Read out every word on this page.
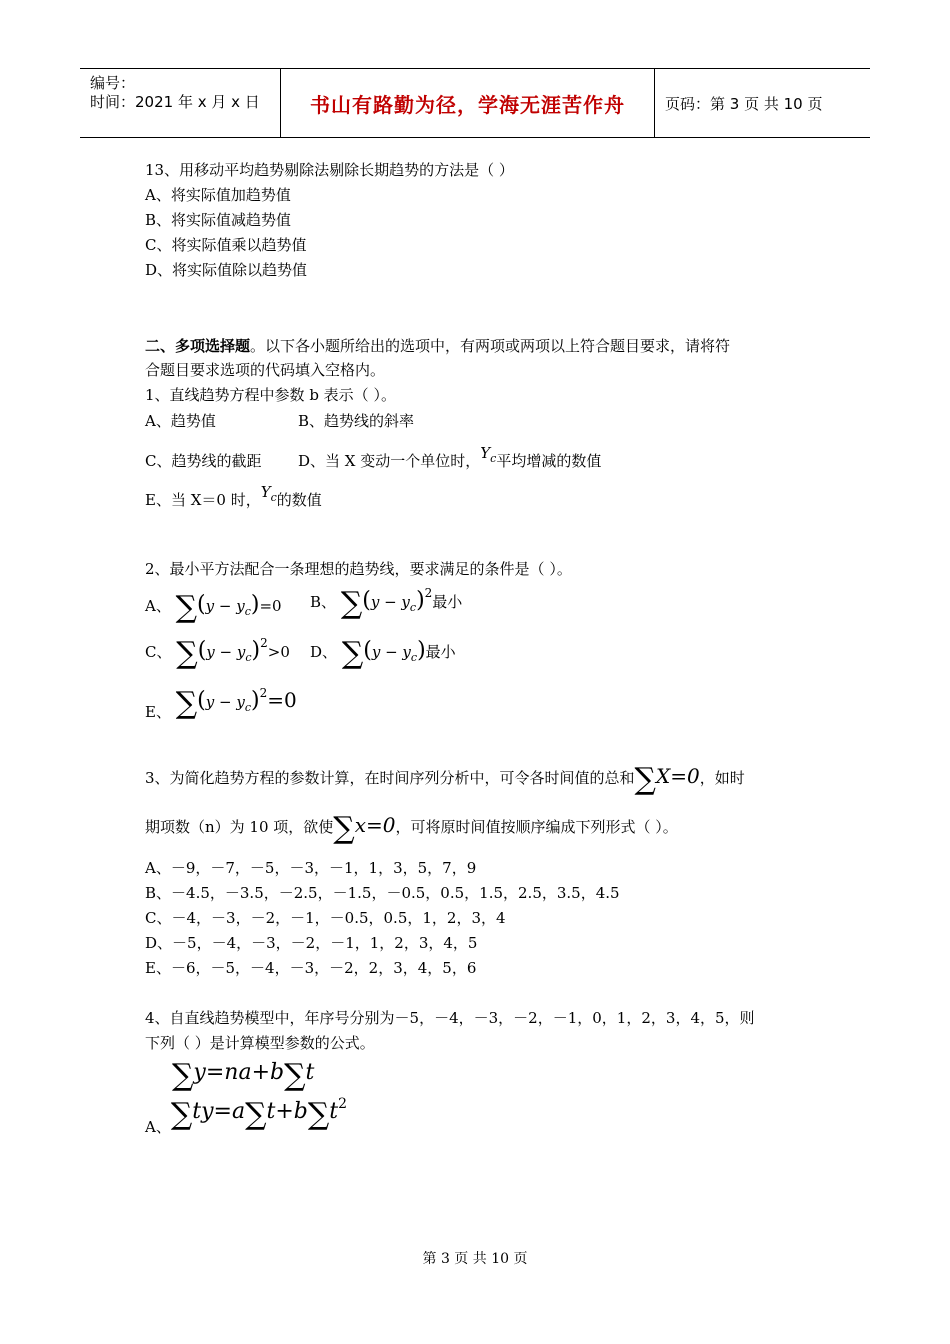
编号：
时间：2021 年 x 月 x 日	书山有路勤为径，学海无涯苦作舟	页码：第 3 页 共 10 页
13、用移动平均趋势剔除法剔除长期趋势的方法是（ ）
A、将实际值加趋势值
B、将实际值减趋势值
C、将实际值乘以趋势值
D、将实际值除以趋势值
二、多项选择题。以下各小题所给出的选项中，有两项或两项以上符合题目要求，请将符
合题目要求选项的代码填入空格内。
1、直线趋势方程中参数 b 表示（ ）。
A、趋势值	B、趋势线的斜率
C、趋势线的截距 D、当 X 变动一个单位时，$Y_c$平均增减的数值
E、当 X＝0 时，$Y_c$的数值
2、最小平方法配合一条理想的趋势线，要求满足的条件是（ ）。
A、 $\sum(y - y_c)=0$ B、 $\sum(y - y_c)^2$最小
C、 $\sum(y - y_c)^2>0$ D、 $\sum(y - y_c)$最小
E、 $\sum(y - y_c)^2=0$
3、为简化趋势方程的参数计算，在时间序列分析中，可令各时间值的总和∑X=0，如时
期项数（n）为 10 项，欲使∑x=0，可将原时间值按顺序编成下列形式（ ）。
A、－9，－7，－5，－3，－1，1，3，5，7，9
B、－4.5，－3.5，－2.5，－1.5，－0.5，0.5，1.5，2.5，3.5，4.5
C、－4，－3，－2，－1，－0.5，0.5，1，2，3，4
D、－5，－4，－3，－2，－1，1，2，3，4，5
E、－6，－5，－4，－3，－2，2，3，4，5，6
4、自直线趋势模型中，年序号分别为－5，－4，－3，－2，－1，0，1，2，3，4，5，则
下列（ ）是计算模型参数的公式。
∑y=na+b∑t
A、$\sum ty=a\sum t+b\sum t^2$
第 3 页 共 10 页
